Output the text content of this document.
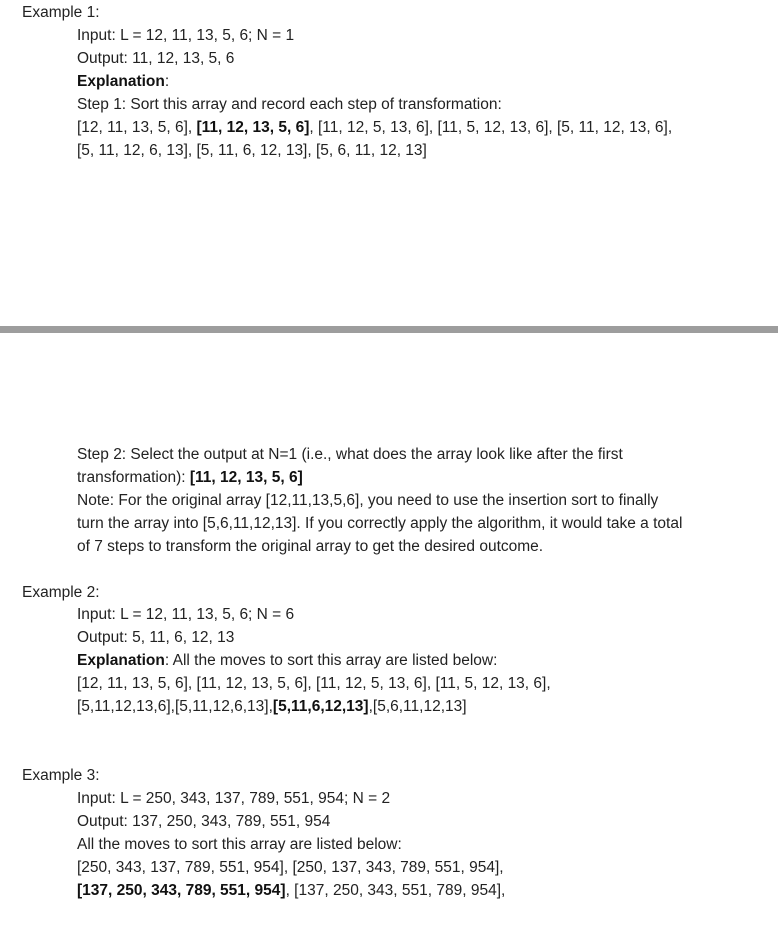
Example 1:
Input: L = 12, 11, 13, 5, 6; N = 1
Output: 11, 12, 13, 5, 6
Explanation:
Step 1: Sort this array and record each step of transformation:
[12, 11, 13, 5, 6], [11, 12, 13, 5, 6], [11, 12, 5, 13, 6], [11, 5, 12, 13, 6], [5, 11, 12, 13, 6],
[5, 11, 12, 6, 13], [5, 11, 6, 12, 13], [5, 6, 11, 12, 13]
Step 2: Select the output at N=1 (i.e., what does the array look like after the first
transformation): [11, 12, 13, 5, 6]
Note: For the original array [12,11,13,5,6], you need to use the insertion sort to finally
turn the array into [5,6,11,12,13]. If you correctly apply the algorithm, it would take a total
of 7 steps to transform the original array to get the desired outcome.
Example 2:
Input: L = 12, 11, 13, 5, 6; N = 6
Output: 5, 11, 6, 12, 13
Explanation: All the moves to sort this array are listed below:
[12, 11, 13, 5, 6], [11, 12, 13, 5, 6], [11, 12, 5, 13, 6], [11, 5, 12, 13, 6],
[5,11,12,13,6],[5,11,12,6,13],[5,11,6,12,13],[5,6,11,12,13]
Example 3:
Input: L = 250, 343, 137, 789, 551, 954; N = 2
Output: 137, 250, 343, 789, 551, 954
All the moves to sort this array are listed below:
[250, 343, 137, 789, 551, 954], [250, 137, 343, 789, 551, 954],
[137, 250, 343, 789, 551, 954], [137, 250, 343, 551, 789, 954],
